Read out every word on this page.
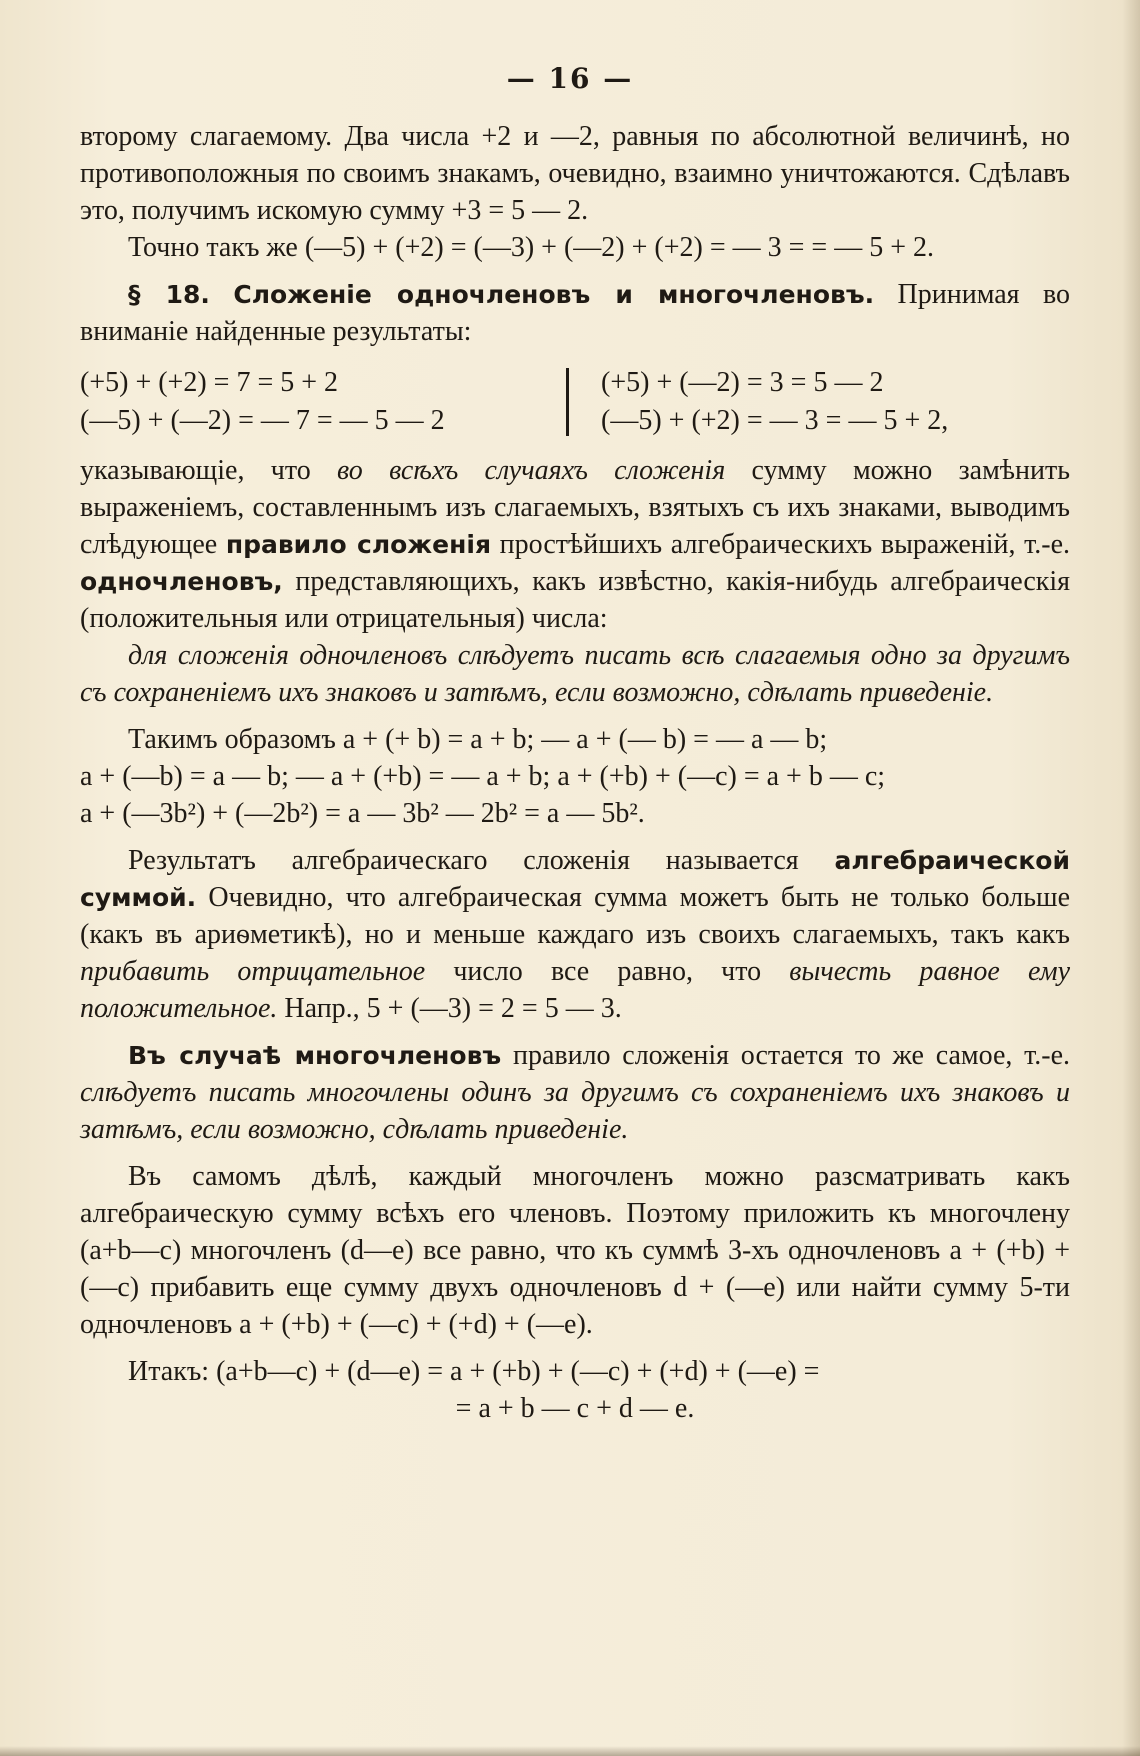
— 16 —

второму слагаемому. Два числа +2 и —2, равныя по абсолютной величинѣ, но противоположныя по своимъ знакамъ, очевидно, взаимно уничтожаются. Сдѣлавъ это, получимъ искомую сумму +3 = 5 — 2.

Точно такъ же (—5) + (+2) = (—3) + (—2) + (+2) = — 3 = = — 5 + 2.

§ 18. Сложеніе одночленовъ и многочленовъ. Принимая во вниманіе найденные результаты:

(+5) + (+2) = 7 = 5 + 2
(—5) + (—2) = — 7 = — 5 — 2
(+5) + (—2) = 3 = 5 — 2
(—5) + (+2) = — 3 = — 5 + 2,

указывающіе, что во всѣхъ случаяхъ сложенія сумму можно замѣнить выраженіемъ, составленнымъ изъ слагаемыхъ, взятыхъ съ ихъ знаками, выводимъ слѣдующее правило сложенія простѣйшихъ алгебраическихъ выраженій, т.-е. одночленовъ, представляющихъ, какъ извѣстно, какія-нибудь алгебраическія (положительныя или отрицательныя) числа:

для сложенія одночленовъ слѣдуетъ писать всѣ слагаемыя одно за другимъ съ сохраненіемъ ихъ знаковъ и затѣмъ, если возможно, сдѣлать приведеніе.

Такимъ образомъ a + (+ b) = a + b; — a + (— b) = — a — b;

a + (—b) = a — b; — a + (+b) = — a + b; a + (+b) + (—c) = a + b — c;

a + (—3b²) + (—2b²) = a — 3b² — 2b² = a — 5b².

Результатъ алгебраическаго сложенія называется алгебраической суммой. Очевидно, что алгебраическая сумма можетъ быть не только больше (какъ въ ариѳметикѣ), но и меньше каждаго изъ своихъ слагаемыхъ, такъ какъ прибавить отрицательное число все равно, что вычесть равное ему положительное. Напр., 5 + (—3) = 2 = 5 — 3.

Въ случаѣ многочленовъ правило сложенія остается то же самое, т.-е. слѣдуетъ писать многочлены одинъ за другимъ съ сохраненіемъ ихъ знаковъ и затѣмъ, если возможно, сдѣлать приведеніе.

Въ самомъ дѣлѣ, каждый многочленъ можно разсматривать какъ алгебраическую сумму всѣхъ его членовъ. Поэтому приложить къ многочлену (a+b—c) многочленъ (d—e) все равно, что къ суммѣ 3-хъ одночленовъ a + (+b) + (—c) прибавить еще сумму двухъ одночленовъ d + (—e) или найти сумму 5-ти одночленовъ a + (+b) + (—c) + (+d) + (—e).

Итакъ: (a+b—c) + (d—e) = a + (+b) + (—c) + (+d) + (—e) =

= a + b — c + d — e.
